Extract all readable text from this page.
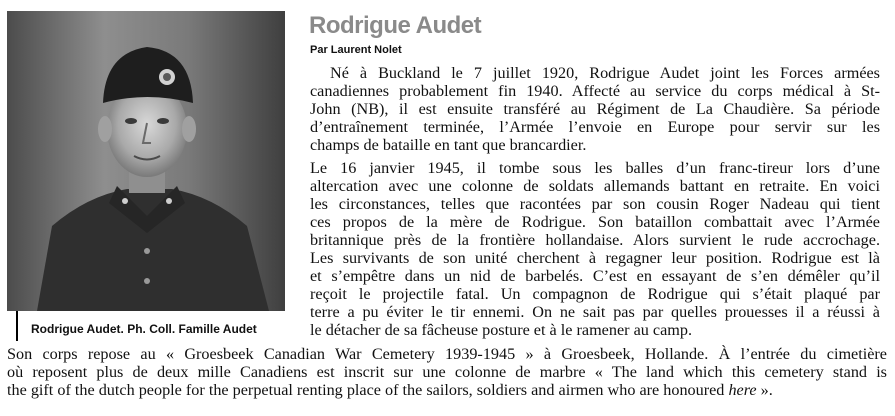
Rodrigue Audet. Ph. Coll. Famille Audet
Rodrigue Audet
Par Laurent Nolet
Né à Buckland le 7 juillet 1920, Rodrigue Audet joint les Forces armées
canadiennes probablement fin 1940. Affecté au service du corps médical à St-
John (NB), il est ensuite transféré au Régiment de La Chaudière. Sa période
d’entraînement terminée, l’Armée l’envoie en Europe pour servir sur les
champs de bataille en tant que brancardier.
Le 16 janvier 1945, il tombe sous les balles d’un franc-tireur lors d’une
altercation avec une colonne de soldats allemands battant en retraite. En voici
les circonstances, telles que racontées par son cousin Roger Nadeau qui tient
ces propos de la mère de Rodrigue. Son bataillon combattait avec l’Armée
britannique près de la frontière hollandaise. Alors survient le rude accrochage.
Les survivants de son unité cherchent à regagner leur position. Rodrigue est là
et s’empêtre dans un nid de barbelés. C’est en essayant de s’en démêler qu’il
reçoit le projectile fatal. Un compagnon de Rodrigue qui s’était plaqué par
terre a pu éviter le tir ennemi. On ne sait pas par quelles prouesses il a réussi à
le détacher de sa fâcheuse posture et à le ramener au camp.
Son corps repose au « Groesbeek Canadian War Cemetery 1939-1945 » à Groesbeek, Hollande. À l’entrée du cimetière
où reposent plus de deux mille Canadiens est inscrit sur une colonne de marbre « The land which this cemetery stand is
the gift of the dutch people for the perpetual renting place of the sailors, soldiers and airmen who are honoured here ».
